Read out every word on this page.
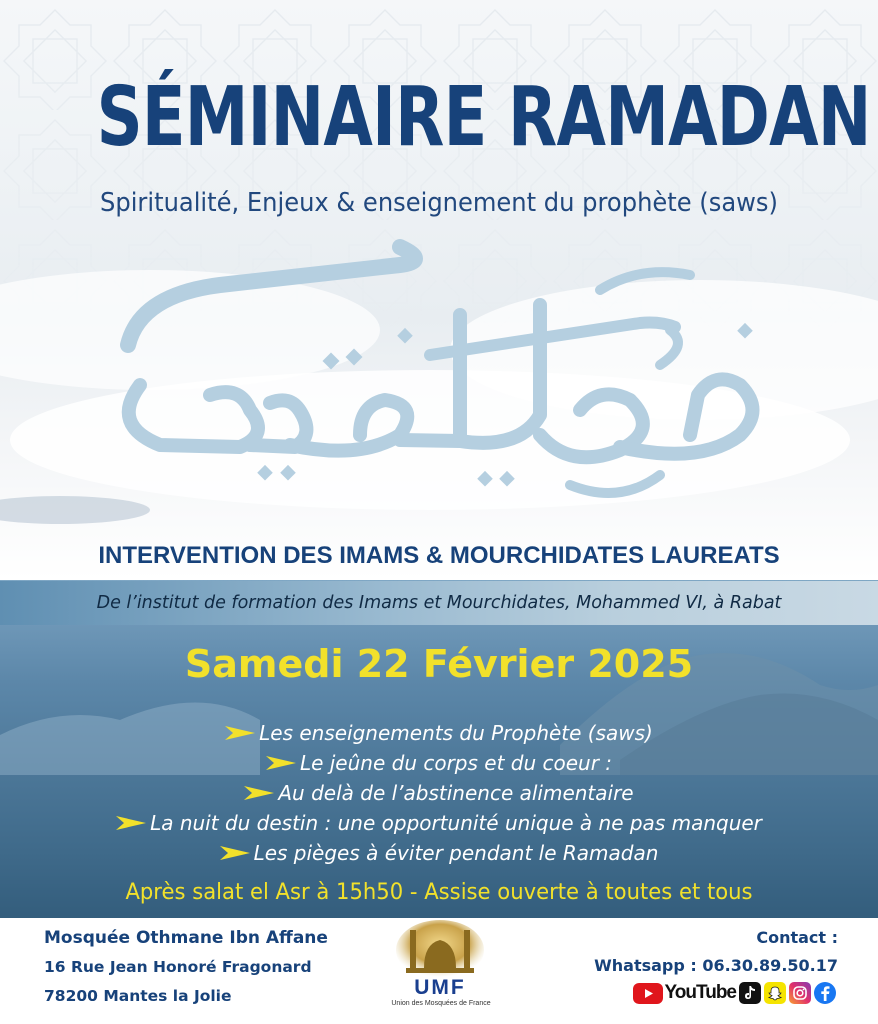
SÉMINAIRE RAMADAN
Spiritualité, Enjeux & enseignement du prophète (saws)
INTERVENTION DES IMAMS & MOURCHIDATES LAUREATS
De l’institut de formation des Imams et Mourchidates, Mohammed VI, à Rabat
Samedi 22 Février 2025
Les enseignements du Prophète (saws)
Le jeûne du corps et du coeur :
Au delà de l’abstinence alimentaire
La nuit du destin : une opportunité unique à ne pas manquer
Les pièges à éviter pendant le Ramadan
Après salat el Asr à 15h50 - Assise ouverte à toutes et tous
Mosquée Othmane Ibn Affane
16 Rue Jean Honoré Fragonard
78200 Mantes la Jolie	UMF
Union des Mosquées de France
Contact :
Whatsapp : 06.30.89.50.17
YouTube
